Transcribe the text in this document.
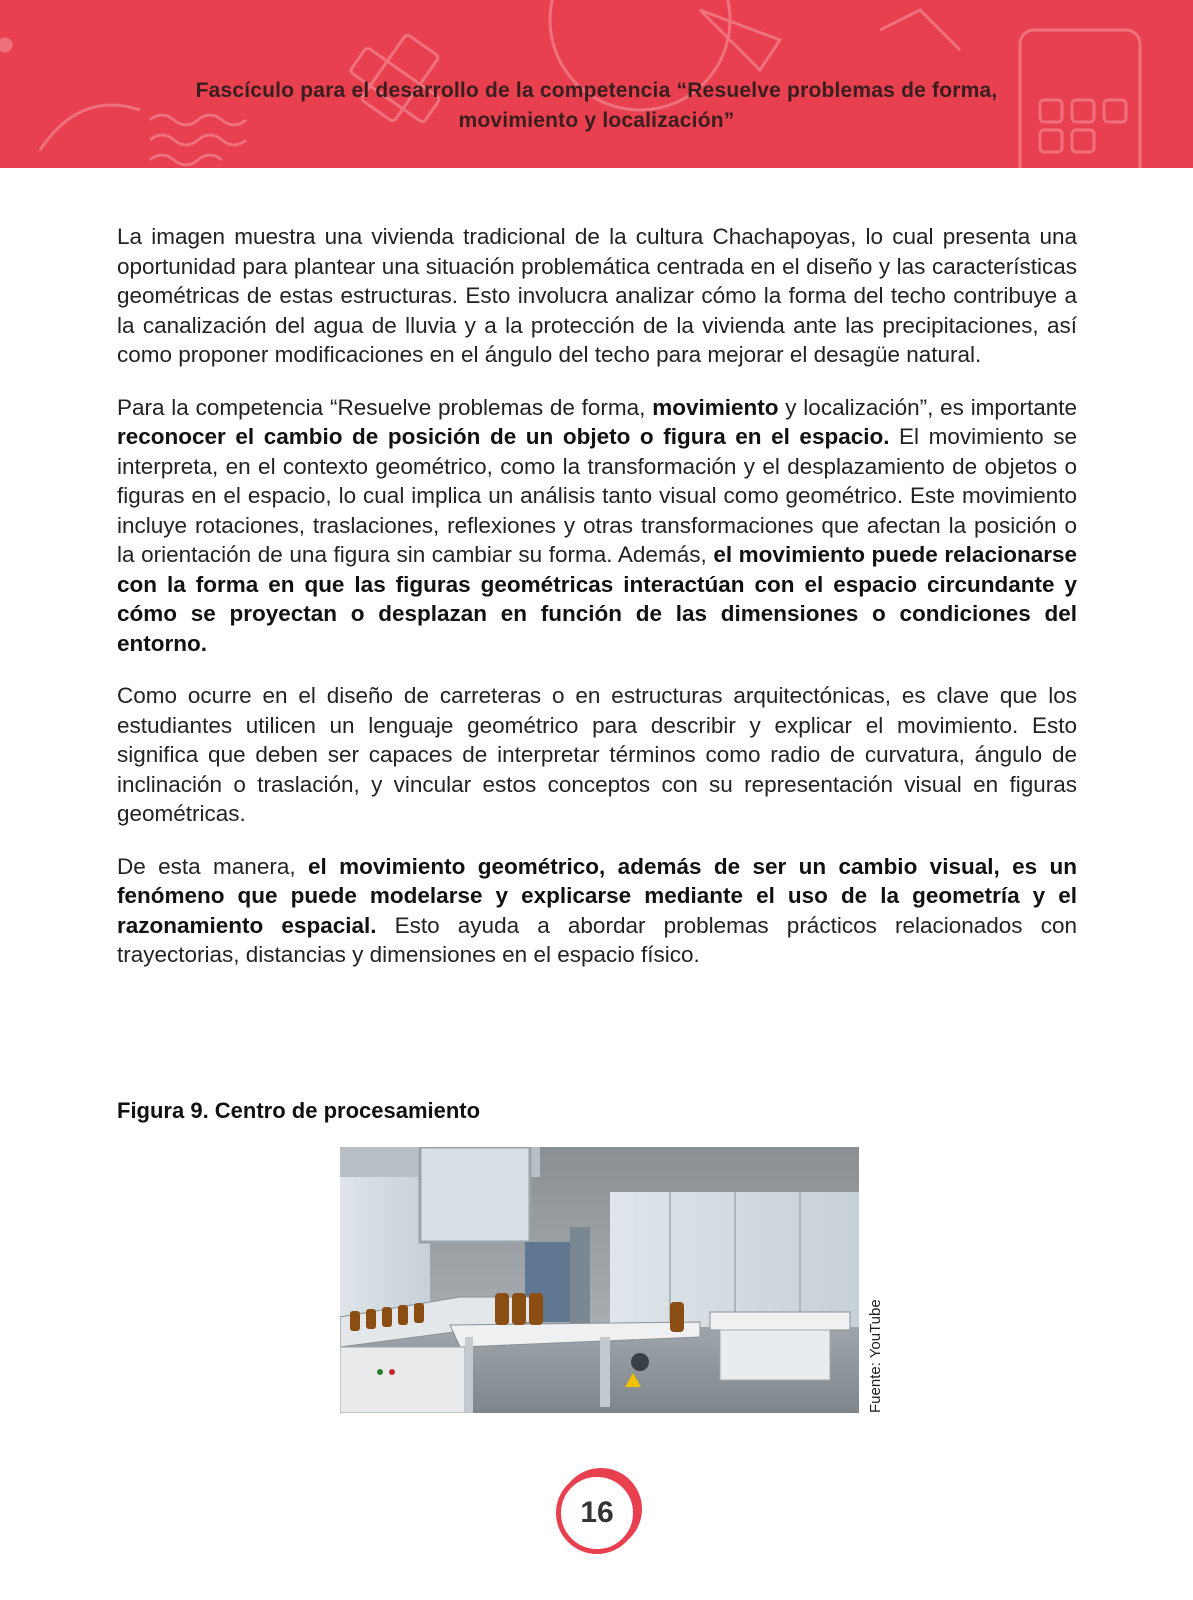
Fascículo para el desarrollo de la competencia “Resuelve problemas de forma,
movimiento y localización”

La imagen muestra una vivienda tradicional de la cultura Chachapoyas, lo cual presenta una oportunidad para plantear una situación problemática centrada en el diseño y las características geométricas de estas estructuras. Esto involucra analizar cómo la forma del techo contribuye a la canalización del agua de lluvia y a la protección de la vivienda ante las precipitaciones, así como proponer modificaciones en el ángulo del techo para mejorar el desagüe natural.

Para la competencia “Resuelve problemas de forma, movimiento y localización”, es importante reconocer el cambio de posición de un objeto o figura en el espacio. El movimiento se interpreta, en el contexto geométrico, como la transformación y el desplazamiento de objetos o figuras en el espacio, lo cual implica un análisis tanto visual como geométrico. Este movimiento incluye rotaciones, traslaciones, reflexiones y otras transformaciones que afectan la posición o la orientación de una figura sin cambiar su forma. Además, el movimiento puede relacionarse con la forma en que las figuras geométricas interactúan con el espacio circundante y cómo se proyectan o desplazan en función de las dimensiones o condiciones del entorno.

Como ocurre en el diseño de carreteras o en estructuras arquitectónicas, es clave que los estudiantes utilicen un lenguaje geométrico para describir y explicar el movimiento. Esto significa que deben ser capaces de interpretar términos como radio de curvatura, ángulo de inclinación o traslación, y vincular estos conceptos con su representación visual en figuras geométricas.

De esta manera, el movimiento geométrico, además de ser un cambio visual, es un fenómeno que puede modelarse y explicarse mediante el uso de la geometría y el razonamiento espacial. Esto ayuda a abordar problemas prácticos relacionados con trayectorias, distancias y dimensiones en el espacio físico.

Figura 9. Centro de procesamiento
Fuente: YouTube
16
